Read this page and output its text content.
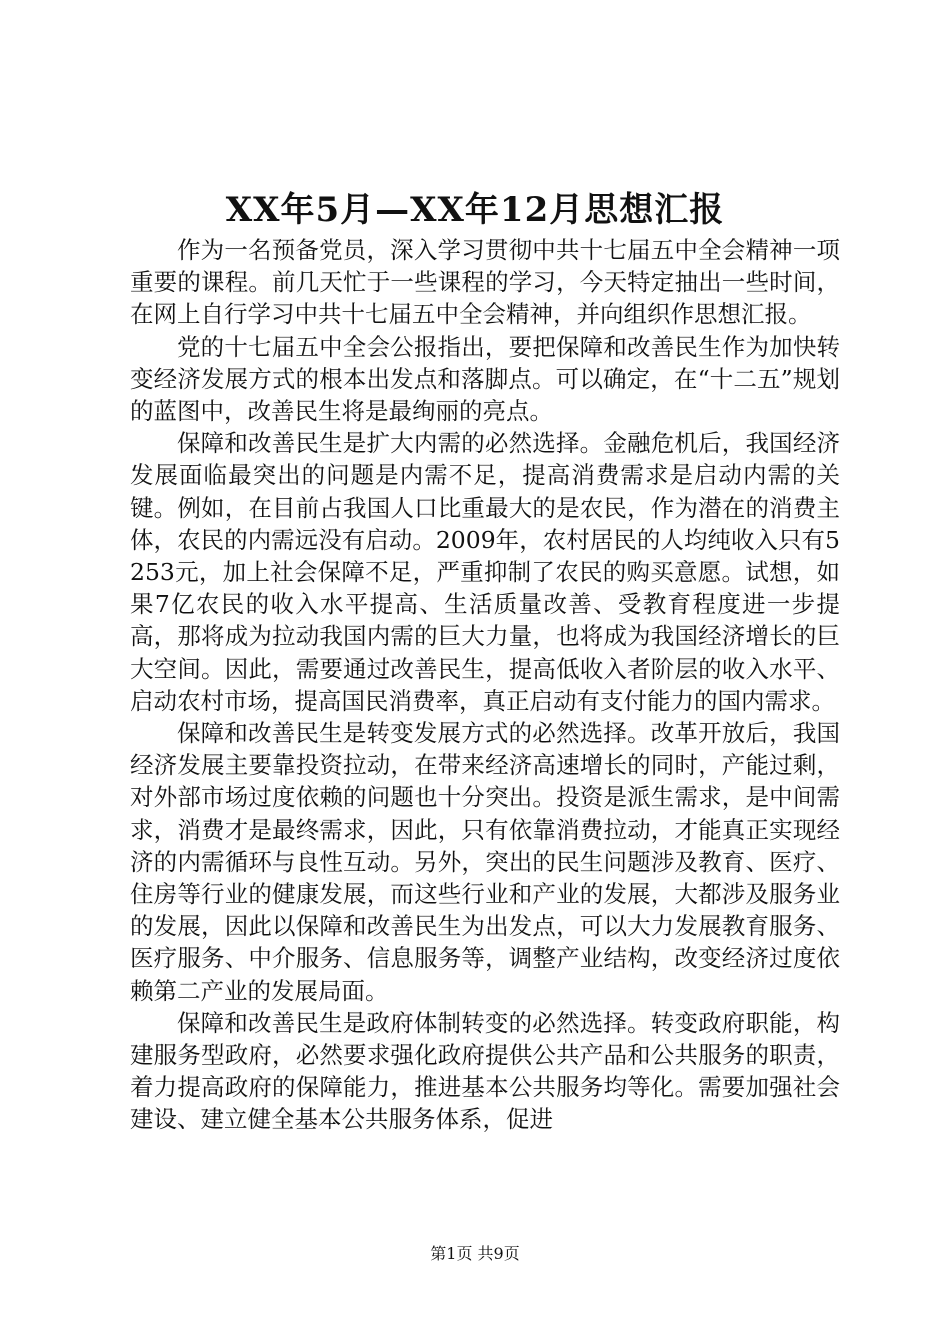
XX年5月—XX年12月思想汇报

作为一名预备党员，深入学习贯彻中共十七届五中全会精神一项重要的课程。前几天忙于一些课程的学习，今天特定抽出一些时间，在网上自行学习中共十七届五中全会精神，并向组织作思想汇报。

党的十七届五中全会公报指出，要把保障和改善民生作为加快转变经济发展方式的根本出发点和落脚点。可以确定，在“十二五”规划的蓝图中，改善民生将是最绚丽的亮点。

保障和改善民生是扩大内需的必然选择。金融危机后，我国经济发展面临最突出的问题是内需不足，提高消费需求是启动内需的关键。例如，在目前占我国人口比重最大的是农民，作为潜在的消费主体，农民的内需远没有启动。2009年，农村居民的人均纯收入只有5253元，加上社会保障不足，严重抑制了农民的购买意愿。试想，如果7亿农民的收入水平提高、生活质量改善、受教育程度进一步提高，那将成为拉动我国内需的巨大力量，也将成为我国经济增长的巨大空间。因此，需要通过改善民生，提高低收入者阶层的收入水平、启动农村市场，提高国民消费率，真正启动有支付能力的国内需求。

保障和改善民生是转变发展方式的必然选择。改革开放后，我国经济发展主要靠投资拉动，在带来经济高速增长的同时，产能过剩，对外部市场过度依赖的问题也十分突出。投资是派生需求，是中间需求，消费才是最终需求，因此，只有依靠消费拉动，才能真正实现经济的内需循环与良性互动。另外，突出的民生问题涉及教育、医疗、住房等行业的健康发展，而这些行业和产业的发展，大都涉及服务业的发展，因此以保障和改善民生为出发点，可以大力发展教育服务、医疗服务、中介服务、信息服务等，调整产业结构，改变经济过度依赖第二产业的发展局面。

保障和改善民生是政府体制转变的必然选择。转变政府职能，构建服务型政府，必然要求强化政府提供公共产品和公共服务的职责，着力提高政府的保障能力，推进基本公共服务均等化。需要加强社会建设、建立健全基本公共服务体系，促进

第1页 共9页
